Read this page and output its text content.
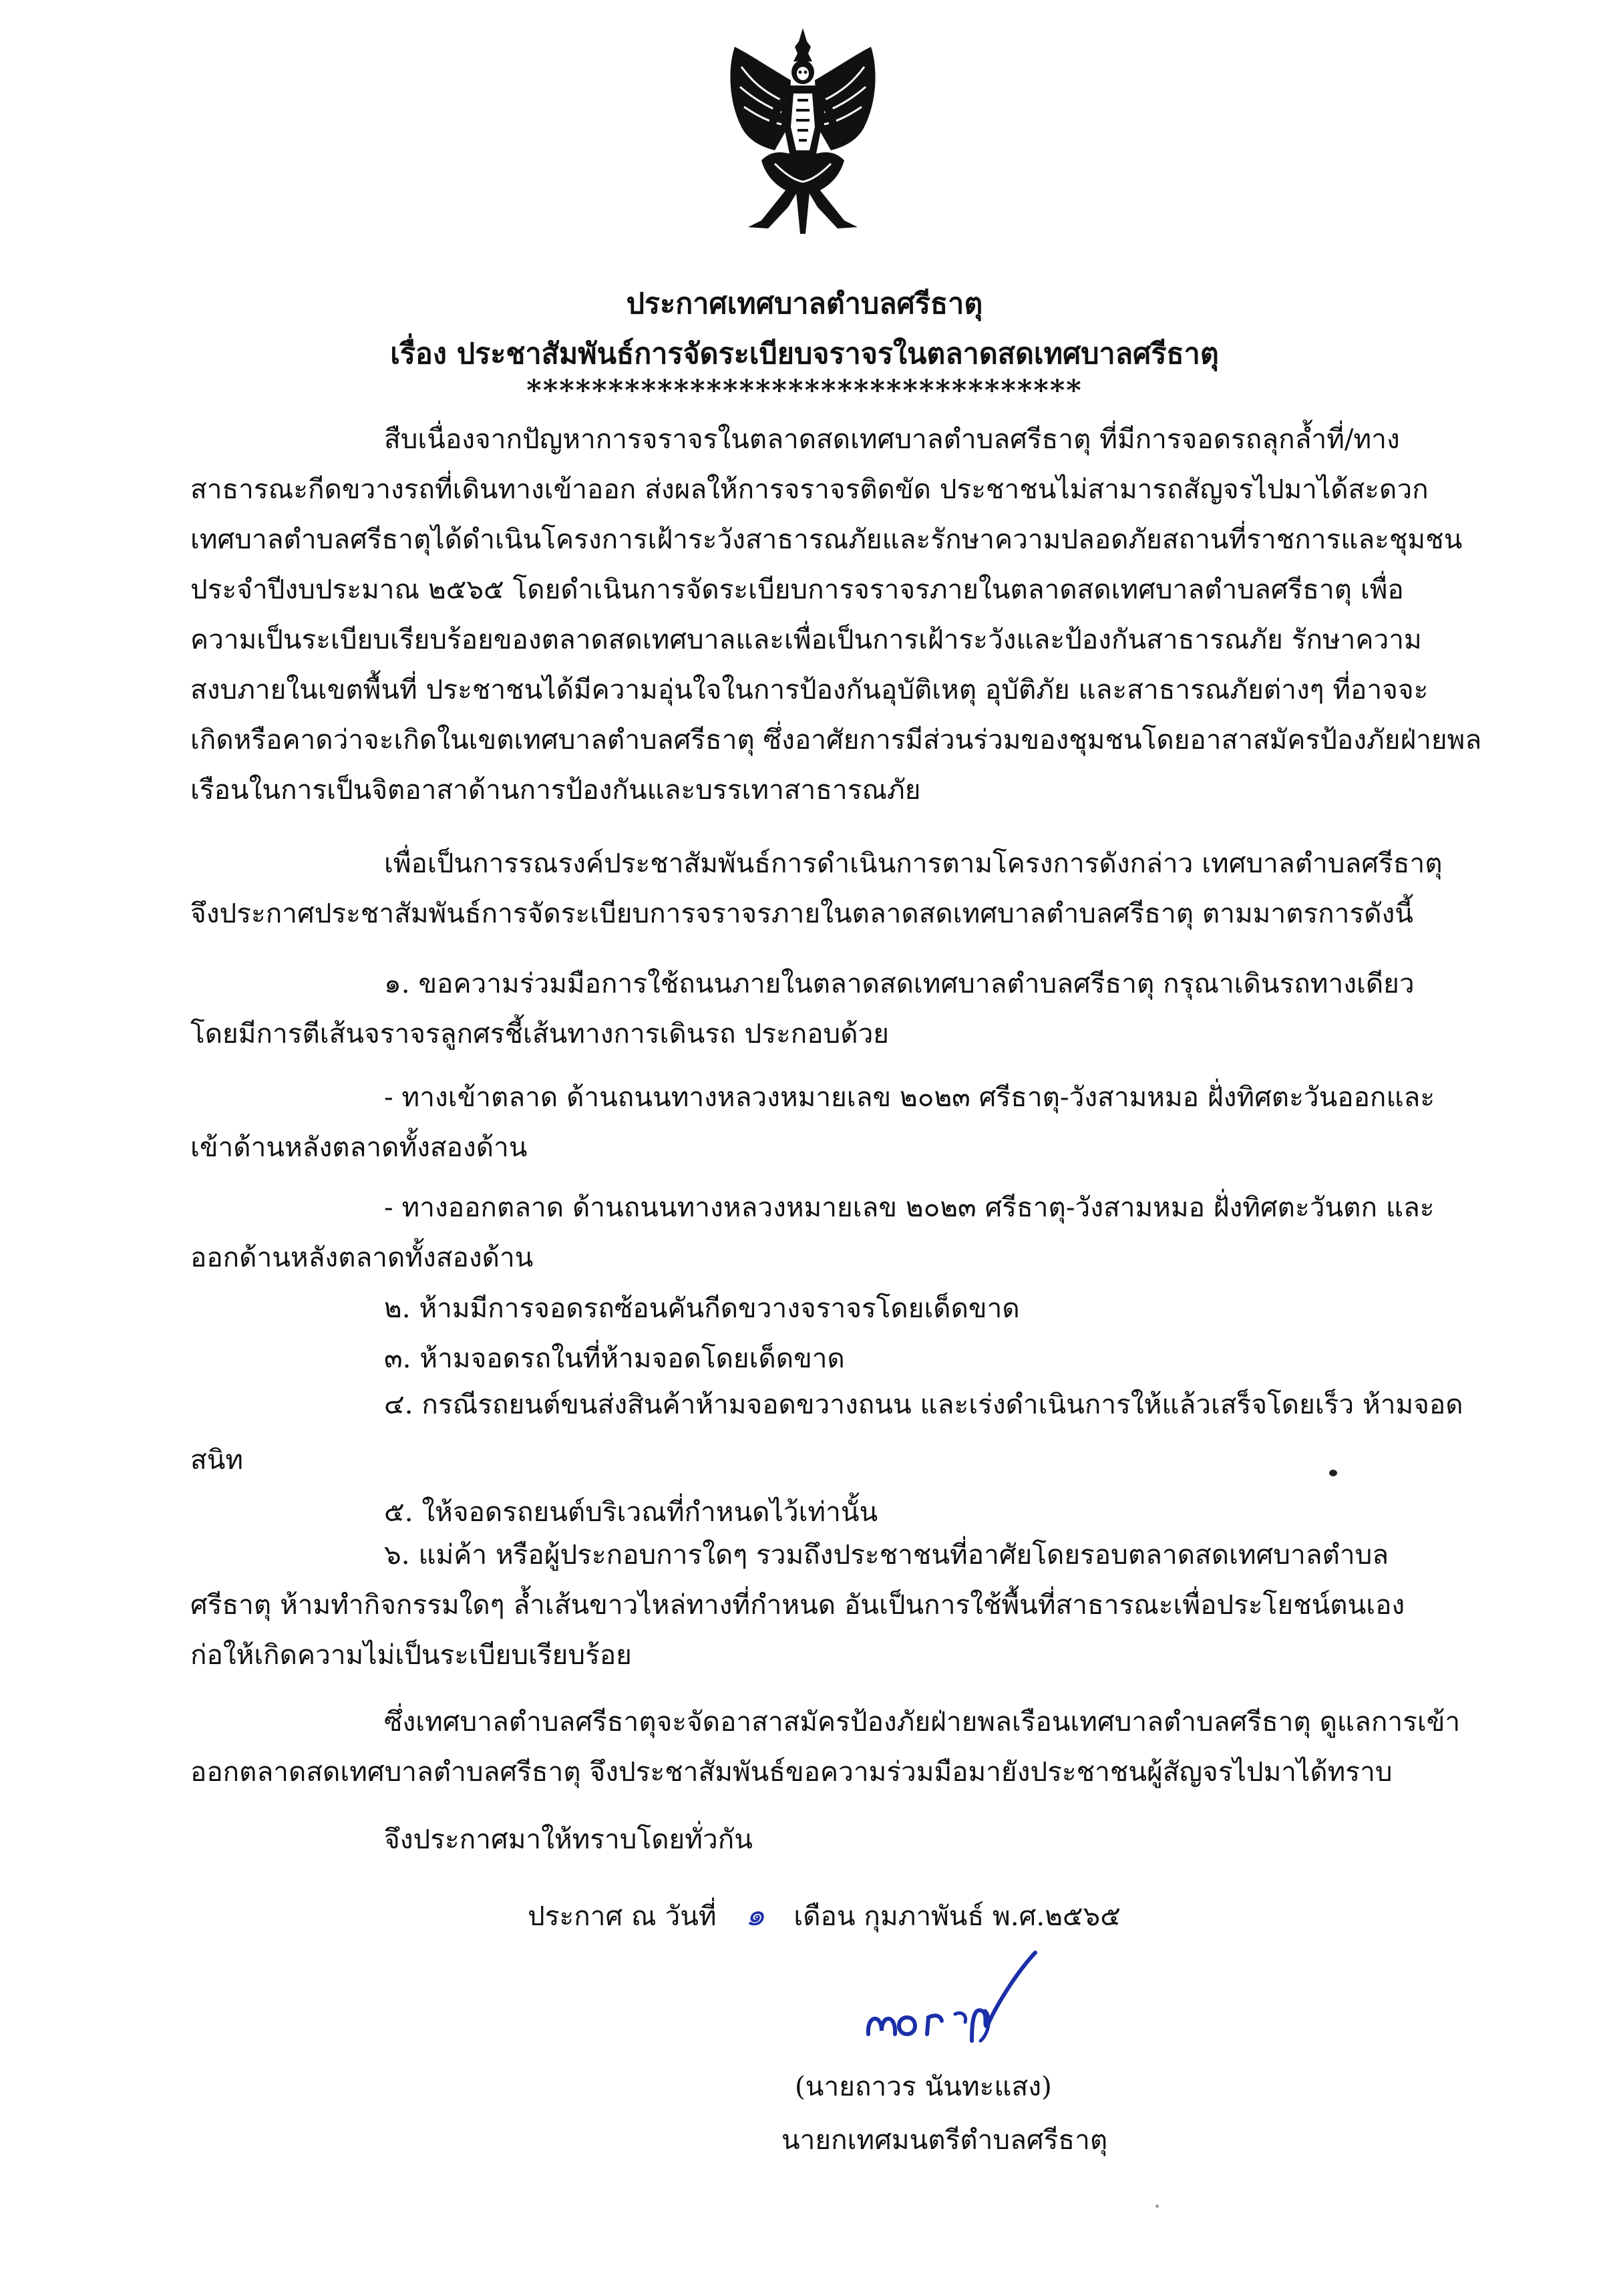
ประกาศเทศบาลตำบลศรีธาตุ
เรื่อง ประชาสัมพันธ์การจัดระเบียบจราจรในตลาดสดเทศบาลศรีธาตุ
**********************************
สืบเนื่องจากปัญหาการจราจรในตลาดสดเทศบาลตำบลศรีธาตุ ที่มีการจอดรถลุกล้ำที่/ทาง
สาธารณะกีดขวางรถที่เดินทางเข้าออก ส่งผลให้การจราจรติดขัด ประชาชนไม่สามารถสัญจรไปมาได้สะดวก
เทศบาลตำบลศรีธาตุได้ดำเนินโครงการเฝ้าระวังสาธารณภัยและรักษาความปลอดภัยสถานที่ราชการและชุมชน
ประจำปีงบประมาณ ๒๕๖๕ โดยดำเนินการจัดระเบียบการจราจรภายในตลาดสดเทศบาลตำบลศรีธาตุ เพื่อ
ความเป็นระเบียบเรียบร้อยของตลาดสดเทศบาลและเพื่อเป็นการเฝ้าระวังและป้องกันสาธารณภัย รักษาความ
สงบภายในเขตพื้นที่ ประชาชนได้มีความอุ่นใจในการป้องกันอุบัติเหตุ อุบัติภัย และสาธารณภัยต่างๆ ที่อาจจะ
เกิดหรือคาดว่าจะเกิดในเขตเทศบาลตำบลศรีธาตุ ซึ่งอาศัยการมีส่วนร่วมของชุมชนโดยอาสาสมัครป้องภัยฝ่ายพล
เรือนในการเป็นจิตอาสาด้านการป้องกันและบรรเทาสาธารณภัย
เพื่อเป็นการรณรงค์ประชาสัมพันธ์การดำเนินการตามโครงการดังกล่าว เทศบาลตำบลศรีธาตุ
จึงประกาศประชาสัมพันธ์การจัดระเบียบการจราจรภายในตลาดสดเทศบาลตำบลศรีธาตุ ตามมาตรการดังนี้
๑. ขอความร่วมมือการใช้ถนนภายในตลาดสดเทศบาลตำบลศรีธาตุ กรุณาเดินรถทางเดียว
โดยมีการตีเส้นจราจรลูกศรชี้เส้นทางการเดินรถ ประกอบด้วย
- ทางเข้าตลาด ด้านถนนทางหลวงหมายเลข ๒๐๒๓ ศรีธาตุ-วังสามหมอ ฝั่งทิศตะวันออกและ
เข้าด้านหลังตลาดทั้งสองด้าน
- ทางออกตลาด ด้านถนนทางหลวงหมายเลข ๒๐๒๓ ศรีธาตุ-วังสามหมอ ฝั่งทิศตะวันตก และ
ออกด้านหลังตลาดทั้งสองด้าน
๒. ห้ามมีการจอดรถซ้อนคันกีดขวางจราจรโดยเด็ดขาด
๓. ห้ามจอดรถในที่ห้ามจอดโดยเด็ดขาด
๔. กรณีรถยนต์ขนส่งสินค้าห้ามจอดขวางถนน และเร่งดำเนินการให้แล้วเสร็จโดยเร็ว ห้ามจอด
สนิท
๕. ให้จอดรถยนต์บริเวณที่กำหนดไว้เท่านั้น
๖. แม่ค้า หรือผู้ประกอบการใดๆ รวมถึงประชาชนที่อาศัยโดยรอบตลาดสดเทศบาลตำบล
ศรีธาตุ ห้ามทำกิจกรรมใดๆ ล้ำเส้นขาวไหล่ทางที่กำหนด อันเป็นการใช้พื้นที่สาธารณะเพื่อประโยชน์ตนเอง
ก่อให้เกิดความไม่เป็นระเบียบเรียบร้อย
ซึ่งเทศบาลตำบลศรีธาตุจะจัดอาสาสมัครป้องภัยฝ่ายพลเรือนเทศบาลตำบลศรีธาตุ ดูแลการเข้า
ออกตลาดสดเทศบาลตำบลศรีธาตุ จึงประชาสัมพันธ์ขอความร่วมมือมายังประชาชนผู้สัญจรไปมาได้ทราบ
จึงประกาศมาให้ทราบโดยทั่วกัน
ประกาศ ณ วันที่ ๑ เดือน กุมภาพันธ์ พ.ศ.๒๕๖๕
(นายถาวร นันทะแสง)
นายกเทศมนตรีตำบลศรีธาตุ
